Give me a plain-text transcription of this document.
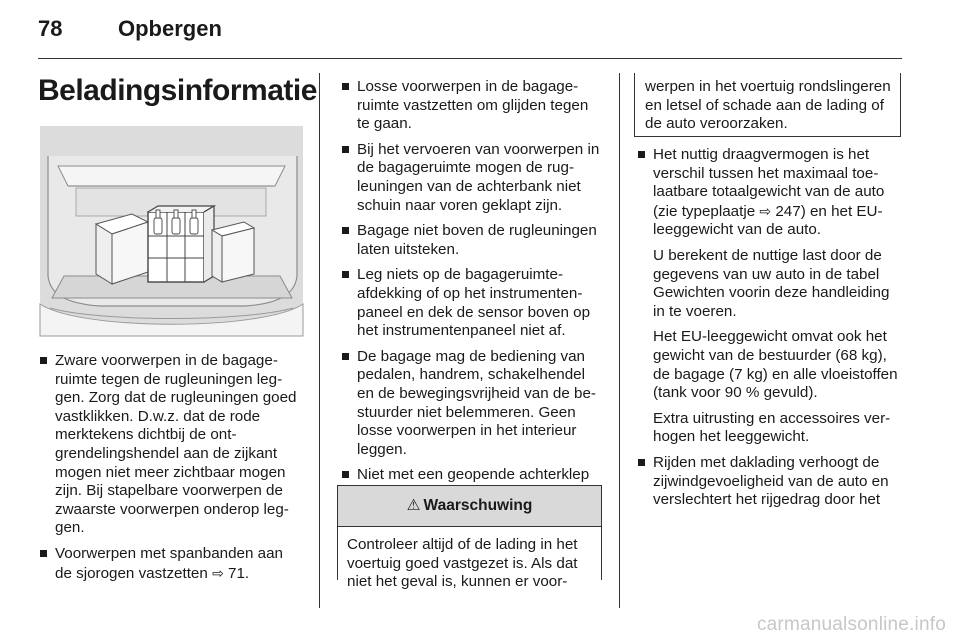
78	Opbergen
Beladingsinformatie
Zware voorwerpen in de bagageruimte tegen de rugleuningen leggen. Zorg dat de rugleuningen goed vastklikken. D.w.z. dat de rode merktekens dichtbij de ontgrendelingshendel aan de zijkant mogen niet meer zichtbaar mogen zijn. Bij stapelbare voorwerpen de zwaarste voorwerpen onderop leggen.
Voorwerpen met spanbanden aan de sjorogen vastzetten ⇨ 71.
Losse voorwerpen in de bagageruimte vastzetten om glijden tegen te gaan.
Bij het vervoeren van voorwerpen in de bagageruimte mogen de rugleuningen van de achterbank niet schuin naar voren geklapt zijn.
Bagage niet boven de rugleuningen laten uitsteken.
Leg niets op de bagageruimteafdekking of op het instrumentenpaneel en dek de sensor boven op het instrumentenpaneel niet af.
De bagage mag de bediening van pedalen, handrem, schakelhendel en de bewegingsvrijheid van de bestuurder niet belemmeren. Geen losse voorwerpen in het interieur leggen.
Niet met een geopende achterklep
⚠ Waarschuwing
Controleer altijd of de lading in het voertuig goed vastgezet is. Als dat niet het geval is, kunnen er voor-
werpen in het voertuig rondslingeren en letsel of schade aan de lading of de auto veroorzaken.

Het nuttig draagvermogen is het verschil tussen het maximaal toelaatbare totaalgewicht van de auto (zie typeplaatje ⇨ 247) en het EU-leeggewicht van de auto.

U berekent de nuttige last door de gegevens van uw auto in de tabel Gewichten voorin deze handleiding in te voeren.

Het EU-leeggewicht omvat ook het gewicht van de bestuurder (68 kg), de bagage (7 kg) en alle vloeistoffen (tank voor 90 % gevuld).

Extra uitrusting en accessoires verhogen het leeggewicht.

Rijden met daklading verhoogt de zijwindgevoeligheid van de auto en verslechtert het rijgedrag door het
carmanualsonline.info
